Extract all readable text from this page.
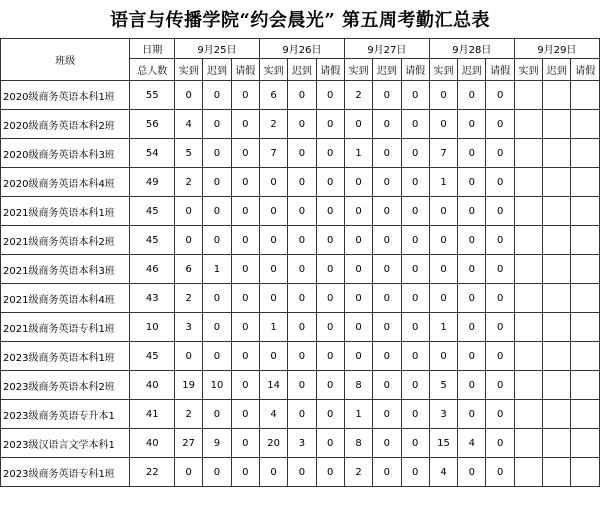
语言与传播学院“约会晨光” 第五周考勤汇总表
班级	日期	9月25日			9月26日			9月27日			9月28日			9月29日		
	总人数	实到	迟到	请假	实到	迟到	请假	实到	迟到	请假	实到	迟到	请假	实到	迟到	请假
2020级商务英语本科1班	55	0	0	0	6	0	0	2	0	0	0	0	0			
2020级商务英语本科2班	56	4	0	0	2	0	0	0	0	0	0	0	0			
2020级商务英语本科3班	54	5	0	0	7	0	0	1	0	0	7	0	0			
2020级商务英语本科4班	49	2	0	0	0	0	0	0	0	0	1	0	0			
2021级商务英语本科1班	45	0	0	0	0	0	0	0	0	0	0	0	0			
2021级商务英语本科2班	45	0	0	0	0	0	0	0	0	0	0	0	0			
2021级商务英语本科3班	46	6	1	0	0	0	0	0	0	0	0	0	0			
2021级商务英语本科4班	43	2	0	0	0	0	0	0	0	0	0	0	0			
2021级商务英语专科1班	10	3	0	0	1	0	0	0	0	0	1	0	0			
2023级商务英语本科1班	45	0	0	0	0	0	0	0	0	0	0	0	0			
2023级商务英语本科2班	40	19	10	0	14	0	0	8	0	0	5	0	0			
2023级商务英语专升本1	41	2	0	0	4	0	0	1	0	0	3	0	0			
2023级汉语言文学本科1	40	27	9	0	20	3	0	8	0	0	15	4	0			
2023级商务英语专科1班	22	0	0	0	0	0	0	2	0	0	4	0	0			
